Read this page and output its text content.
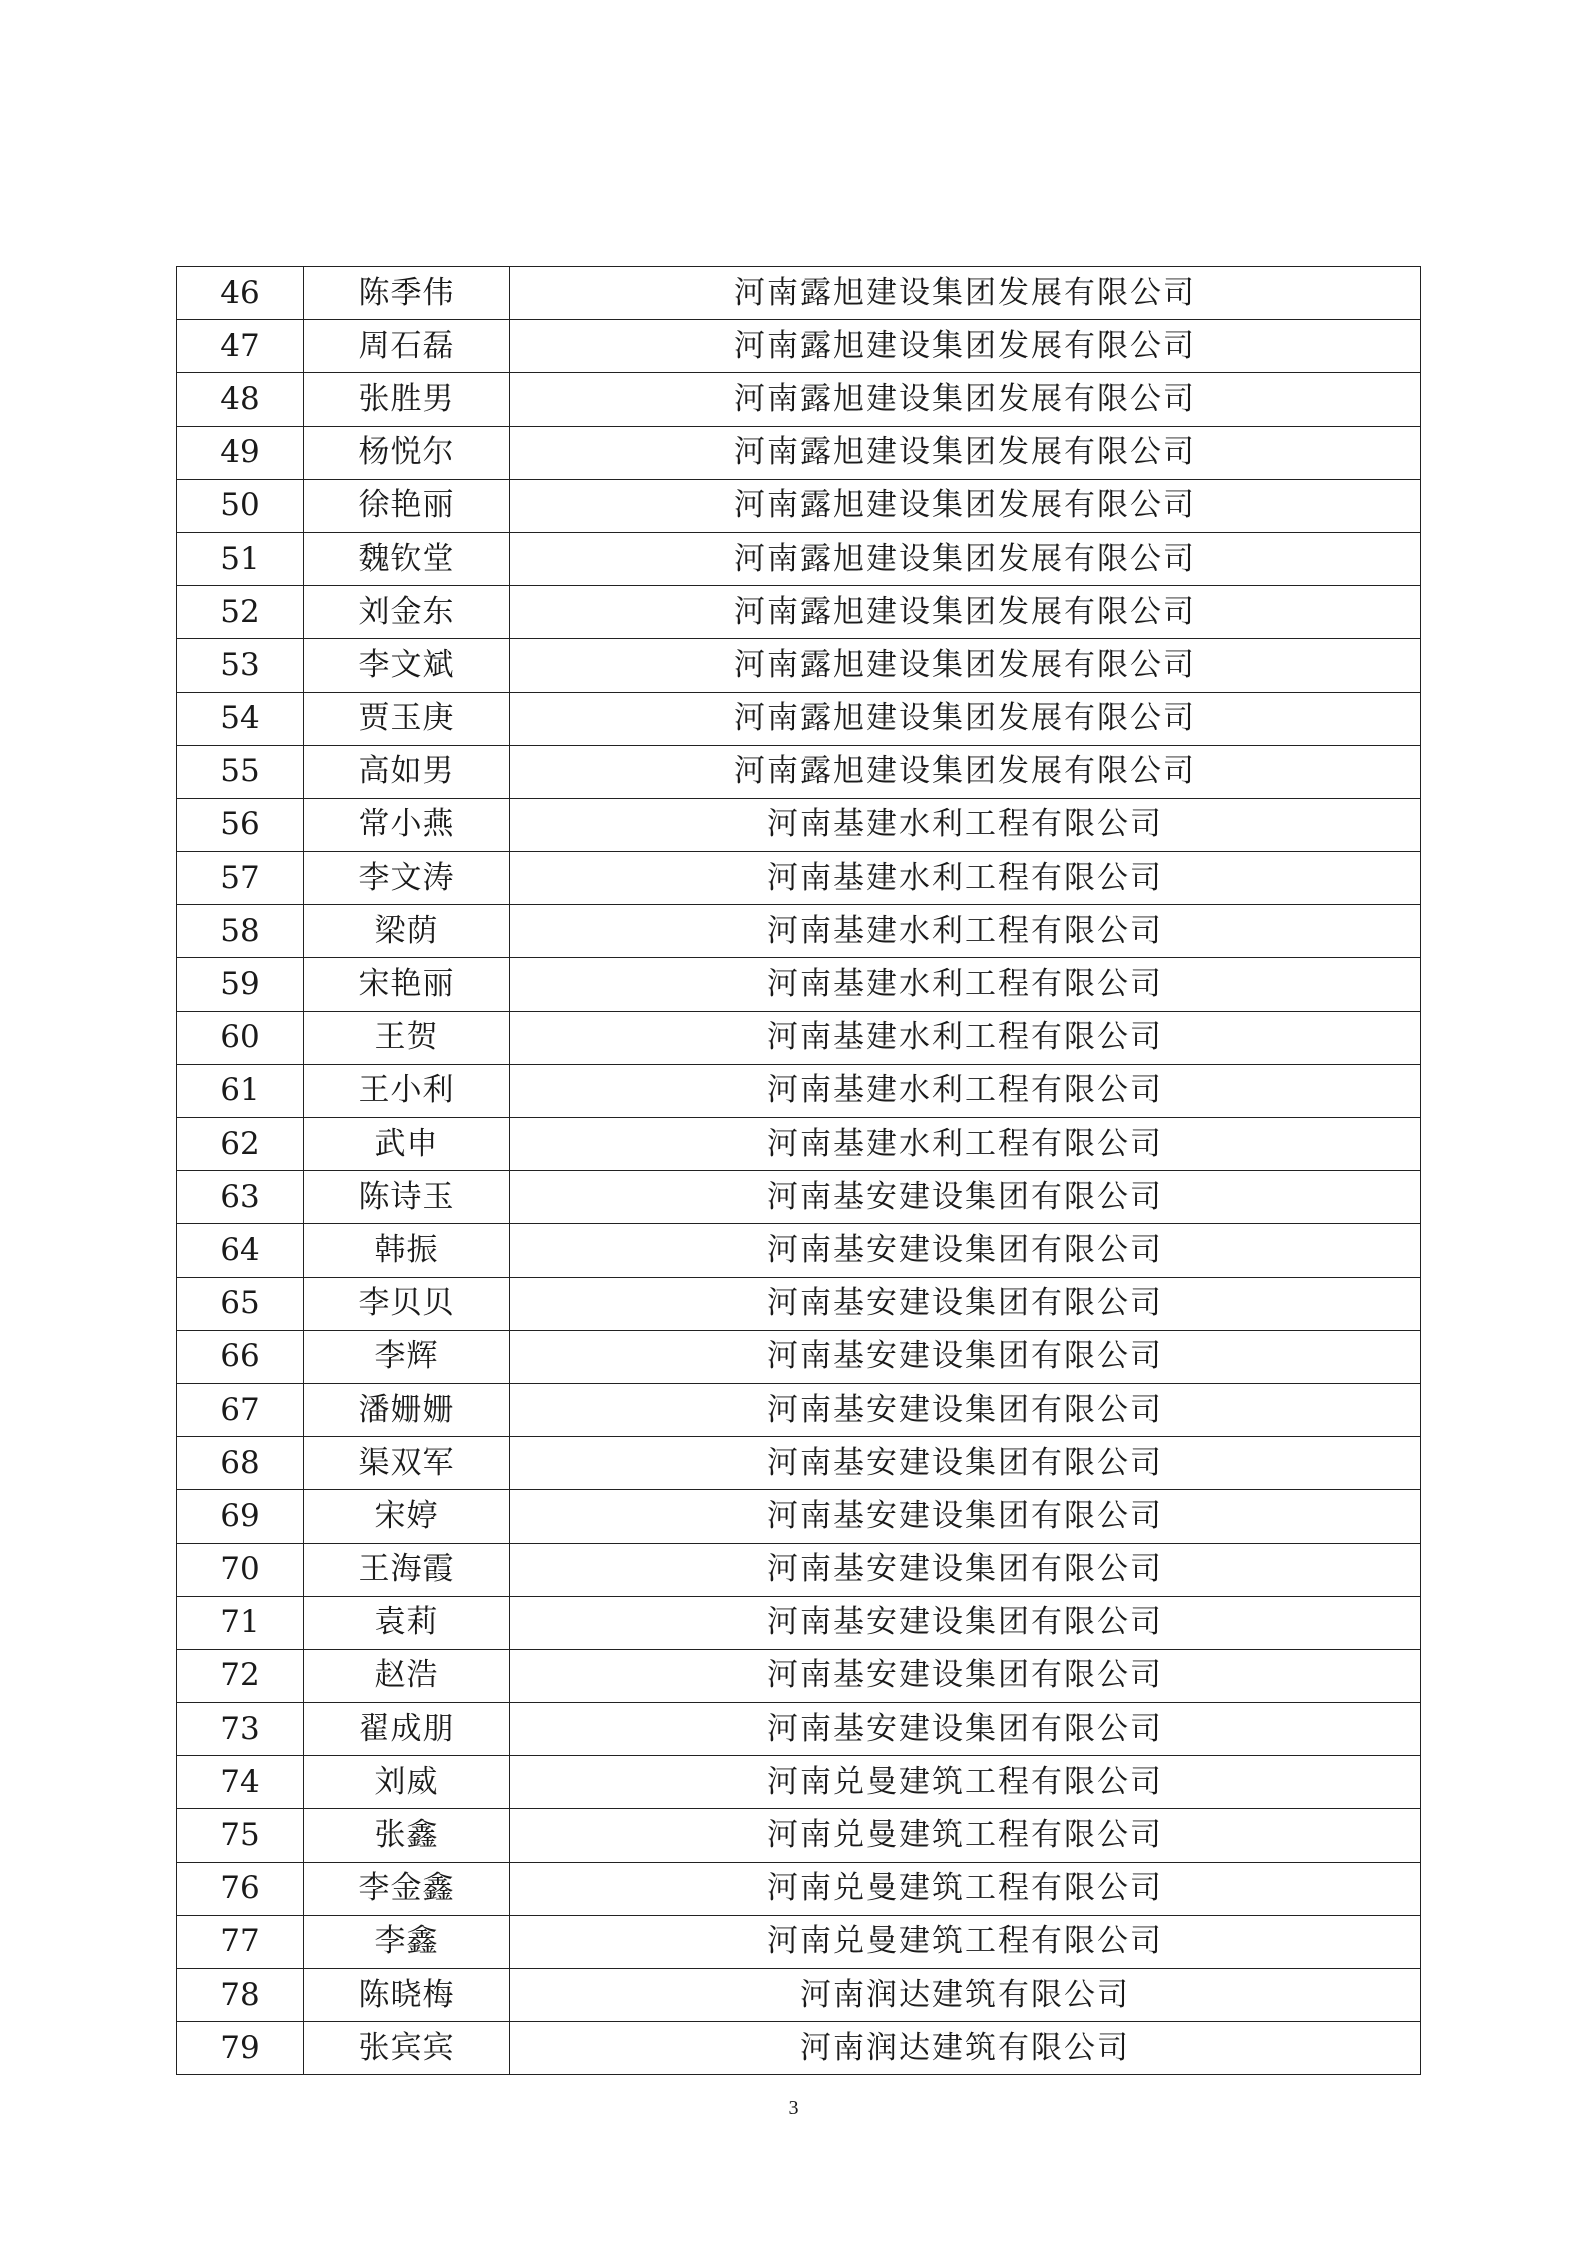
46	陈季伟	河南露旭建设集团发展有限公司
47	周石磊	河南露旭建设集团发展有限公司
48	张胜男	河南露旭建设集团发展有限公司
49	杨悦尔	河南露旭建设集团发展有限公司
50	徐艳丽	河南露旭建设集团发展有限公司
51	魏钦堂	河南露旭建设集团发展有限公司
52	刘金东	河南露旭建设集团发展有限公司
53	李文斌	河南露旭建设集团发展有限公司
54	贾玉庚	河南露旭建设集团发展有限公司
55	高如男	河南露旭建设集团发展有限公司
56	常小燕	河南基建水利工程有限公司
57	李文涛	河南基建水利工程有限公司
58	梁荫	河南基建水利工程有限公司
59	宋艳丽	河南基建水利工程有限公司
60	王贺	河南基建水利工程有限公司
61	王小利	河南基建水利工程有限公司
62	武申	河南基建水利工程有限公司
63	陈诗玉	河南基安建设集团有限公司
64	韩振	河南基安建设集团有限公司
65	李贝贝	河南基安建设集团有限公司
66	李辉	河南基安建设集团有限公司
67	潘姗姗	河南基安建设集团有限公司
68	渠双军	河南基安建设集团有限公司
69	宋婷	河南基安建设集团有限公司
70	王海霞	河南基安建设集团有限公司
71	袁莉	河南基安建设集团有限公司
72	赵浩	河南基安建设集团有限公司
73	翟成朋	河南基安建设集团有限公司
74	刘威	河南兑曼建筑工程有限公司
75	张鑫	河南兑曼建筑工程有限公司
76	李金鑫	河南兑曼建筑工程有限公司
77	李鑫	河南兑曼建筑工程有限公司
78	陈晓梅	河南润达建筑有限公司
79	张宾宾	河南润达建筑有限公司
3
